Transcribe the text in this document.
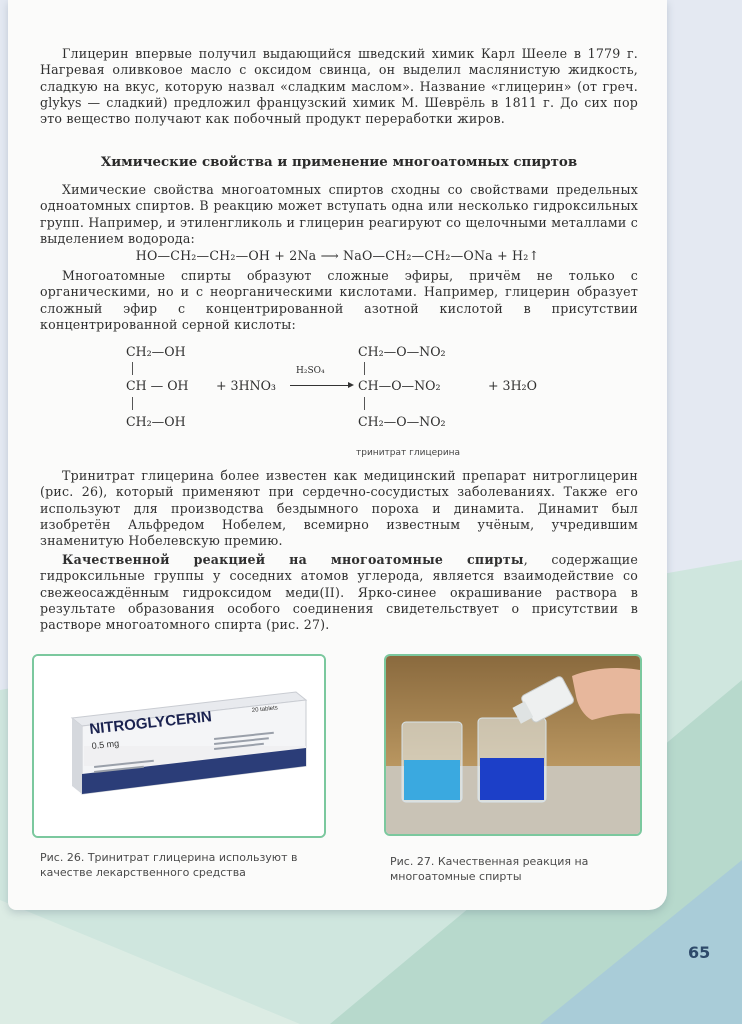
Глицерин впервые получил выдающийся шведский химик Карл Шееле в 1779 г. Нагревая оливковое масло с оксидом свинца, он выделил маслянистую жидкость, сладкую на вкус, которую назвал «сладким маслом». Название «глицерин» (от греч. glykys — сладкий) предложил французский химик М. Шеврёль в 1811 г. До сих пор это вещество получают как побочный продукт переработки жиров.

Химические свойства и применение многоатомных спиртов

Химические свойства многоатомных спиртов сходны со свойствами предельных одноатомных спиртов. В реакцию может вступать одна или несколько гидроксильных групп. Например, и этиленгликоль и глицерин реагируют со щелочными металлами с выделением водорода:

HO—CH₂—CH₂—OH + 2Na ⟶ NaO—CH₂—CH₂—ONa + H₂↑

Многоатомные спирты образуют сложные эфиры, причём не только с органическими, но и с неорганическими кислотами. Например, глицерин образует сложный эфир с концентрированной азотной кислотой в присутствии концентрированной серной кислоты:

CH₂—OH
CH — OH
CH₂—OH
+ 3HNO₃
H₂SO₄
CH₂—O—NO₂
CH—O—NO₂
CH₂—O—NO₂
+ 3H₂O
тринитрат глицерина

Тринитрат глицерина более известен как медицинский препарат нитроглицерин (рис. 26), который применяют при сердечно-сосудистых заболеваниях. Также его используют для производства бездымного пороха и динамита. Динамит был изобретён Альфредом Нобелем, всемирно известным учёным, учредившим знаменитую Нобелевскую премию.

Качественной реакцией на многоатомные спирты, содержащие гидроксильные группы у соседних атомов углерода, является взаимодействие со свежеосаждённым гидроксидом меди(II). Ярко-синее окрашивание раствора в результате образования особого соединения свидетельствует о присутствии в растворе многоатомного спирта (рис. 27).

NITROGLYCERIN
0.5 mg
20 tablets

Рис. 26. Тринитрат глицерина используют в качестве лекарственного средства

Рис. 27. Качественная реакция на многоатомные спирты

65
